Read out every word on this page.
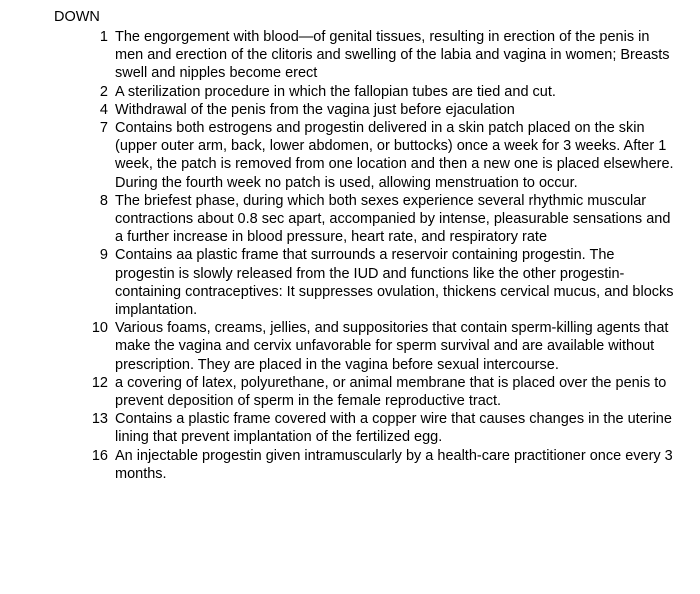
DOWN
1 The engorgement with blood—of genital tissues, resulting in erection of the penis in men and erection of the clitoris and swelling of the labia and vagina in women; Breasts swell and nipples become erect
2 A sterilization procedure in which the fallopian tubes are tied and cut.
4 Withdrawal of the penis from the vagina just before ejaculation
7 Contains both estrogens and progestin delivered in a skin patch placed on the skin (upper outer arm, back, lower abdomen, or buttocks) once a week for 3 weeks. After 1 week, the patch is removed from one location and then a new one is placed elsewhere. During the fourth week no patch is used, allowing menstruation to occur.
8 The briefest phase, during which both sexes experience several rhythmic muscular contractions about 0.8 sec apart, accompanied by intense, pleasurable sensations and a further increase in blood pressure, heart rate, and respiratory rate
9 Contains aa plastic frame that surrounds a reservoir containing progestin. The progestin is slowly released from the IUD and functions like the other progestin-containing contraceptives: It suppresses ovulation, thickens cervical mucus, and blocks implantation.
10 Various foams, creams, jellies, and suppositories that contain sperm-killing agents that make the vagina and cervix unfavorable for sperm survival and are available without prescription. They are placed in the vagina before sexual intercourse.
12 a covering of latex, polyurethane, or animal membrane that is placed over the penis to prevent deposition of sperm in the female reproductive tract.
13 Contains a plastic frame covered with a copper wire that causes changes in the uterine lining that prevent implantation of the fertilized egg.
16 An injectable progestin given intramuscularly by a health-care practitioner once every 3 months.
